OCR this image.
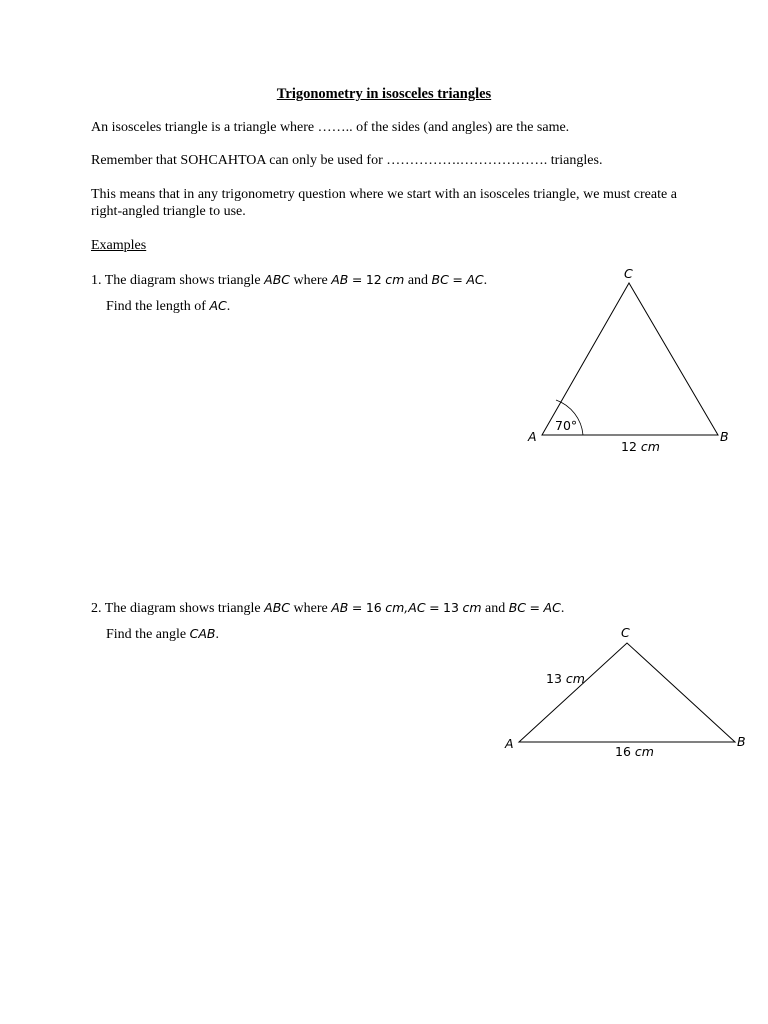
Trigonometry in isosceles triangles
An isosceles triangle is a triangle where …….. of the sides (and angles) are the same.
Remember that SOHCAHTOA can only be used for …………….………………. triangles.
This means that in any trigonometry question where we start with an isosceles triangle, we must create a right-angled triangle to use.
Examples
1. The diagram shows triangle ABC where AB = 12 cm and BC = AC.
Find the length of AC.
70°
A	B
C
12 cm
2. The diagram shows triangle ABC where AB = 16 cm,AC = 13 cm and BC = AC.
Find the angle CAB.
A	B
C
13 cm
16 cm
